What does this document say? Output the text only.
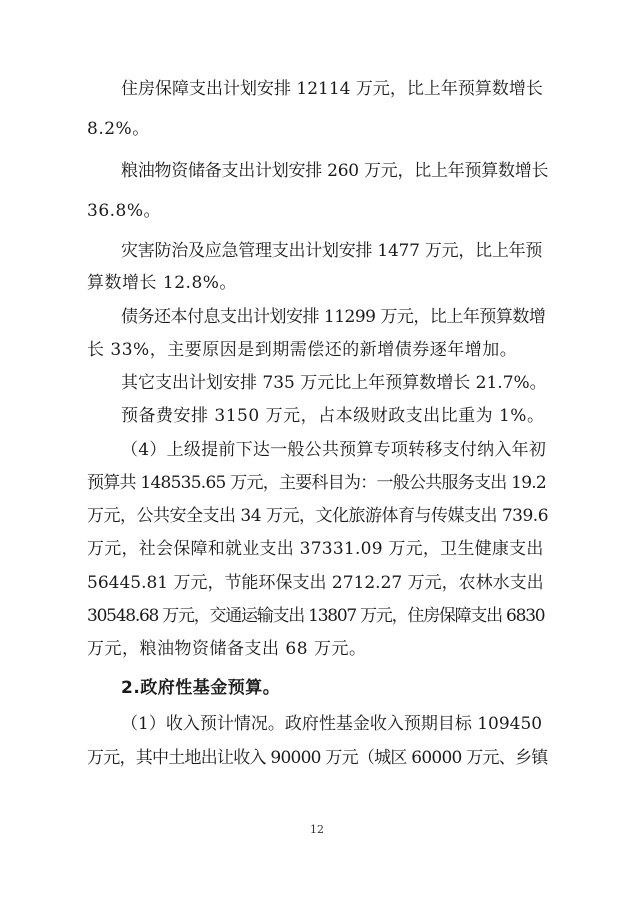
住房保障支出计划安排 12114 万元，比上年预算数增长
8.2%。
粮油物资储备支出计划安排 260 万元，比上年预算数增长
36.8%。
灾害防治及应急管理支出计划安排 1477 万元，比上年预
算数增长 12.8%。
债务还本付息支出计划安排 11299 万元，比上年预算数增
长 33%，主要原因是到期需偿还的新增债券逐年增加。
其它支出计划安排 735 万元比上年预算数增长 21.7%。
预备费安排 3150 万元，占本级财政支出比重为 1%。
（4）上级提前下达一般公共预算专项转移支付纳入年初
预算共 148535.65 万元，主要科目为：一般公共服务支出 19.2
万元，公共安全支出 34 万元，文化旅游体育与传媒支出 739.6
万元，社会保障和就业支出 37331.09 万元，卫生健康支出
56445.81 万元，节能环保支出 2712.27 万元，农林水支出
30548.68 万元，交通运输支出 13807 万元，住房保障支出 6830
万元，粮油物资储备支出 68 万元。
2.政府性基金预算。
（1）收入预计情况。政府性基金收入预期目标 109450
万元，其中土地出让收入 90000 万元（城区 60000 万元、乡镇
12
